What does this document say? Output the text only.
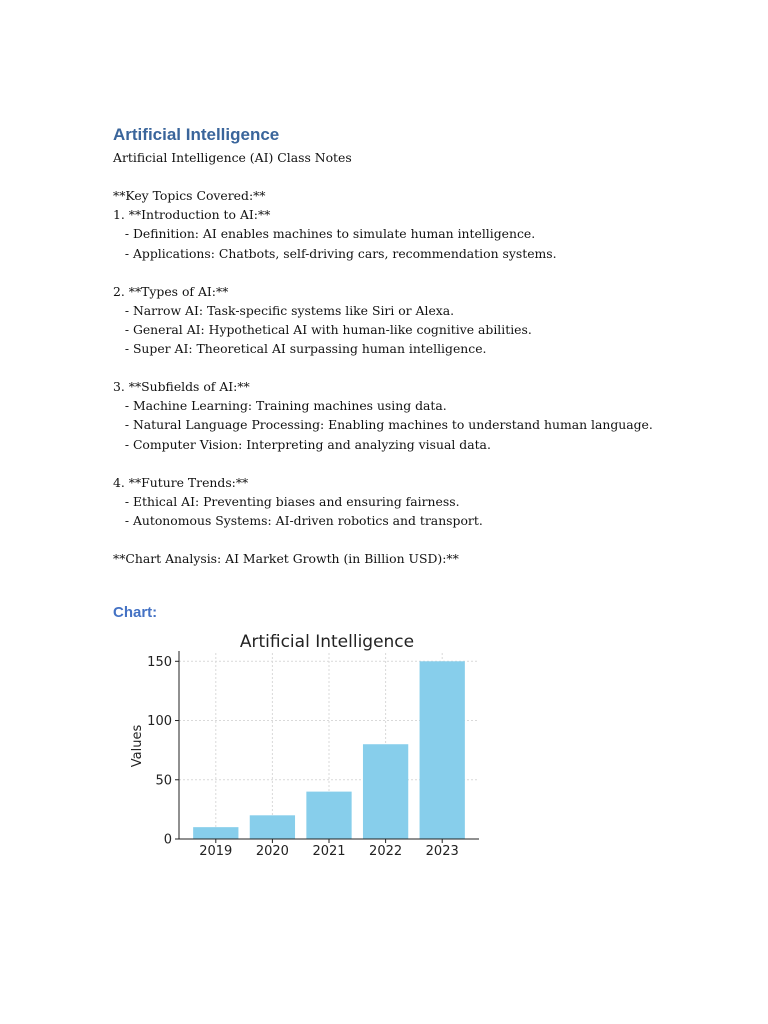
Artificial Intelligence
Artificial Intelligence (AI) Class Notes
**Key Topics Covered:**
1. **Introduction to AI:**
- Definition: AI enables machines to simulate human intelligence.
- Applications: Chatbots, self-driving cars, recommendation systems.
2. **Types of AI:**
- Narrow AI: Task-specific systems like Siri or Alexa.
- General AI: Hypothetical AI with human-like cognitive abilities.
- Super AI: Theoretical AI surpassing human intelligence.
3. **Subfields of AI:**
- Machine Learning: Training machines using data.
- Natural Language Processing: Enabling machines to understand human language.
- Computer Vision: Interpreting and analyzing visual data.
4. **Future Trends:**
- Ethical AI: Preventing biases and ensuring fairness.
- Autonomous Systems: AI-driven robotics and transport.
**Chart Analysis: AI Market Growth (in Billion USD):**
Chart:
Artificial Intelligence
Values
0
50
100
150
2019 2020 2021 2022 2023
